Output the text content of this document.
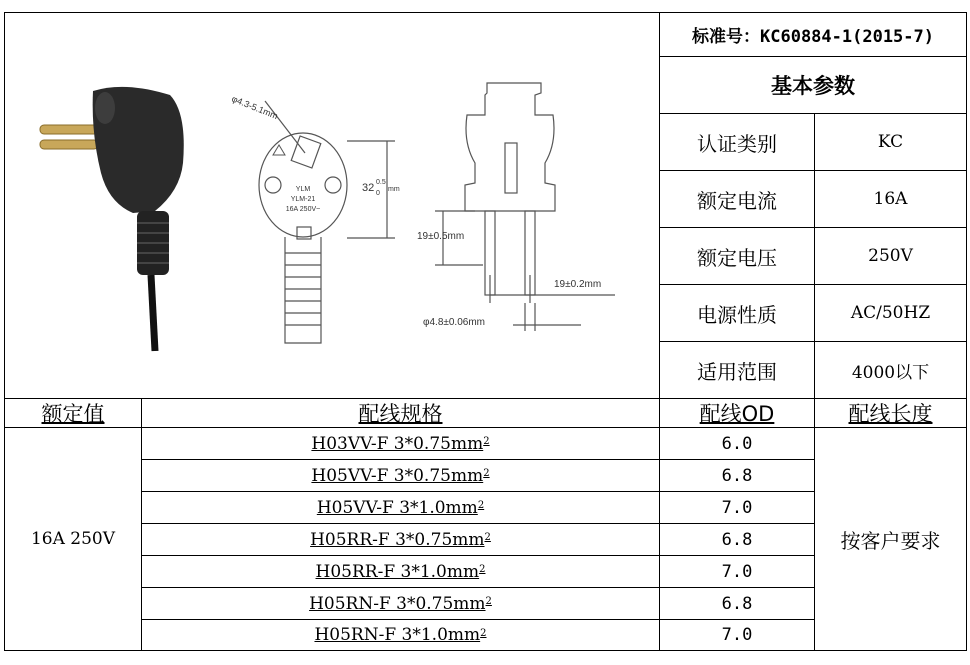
φ4.3-5.1mm
32 0.5
0
mm
YLM
YLM-21
16A 250V~
19±0.5mm
19±0.2mm
φ4.8±0.06mm
标准号：KC60884-1(2015-7)
基本参数
认证类别	KC
额定电流	16A
额定电压	250V
电源性质	AC/50HZ
适用范围	4000以下
额定值	配线规格	配线OD	配线长度
16A 250V	按客户要求
H03VV-F 3*0.75mm 2	6.0
H05VV-F 3*0.75mm 2	6.8
H05VV-F 3*1.0mm 2	7.0
H05RR-F 3*0.75mm 2	6.8
H05RR-F 3*1.0mm 2	7.0
H05RN-F 3*0.75mm 2	6.8
H05RN-F 3*1.0mm 2	7.0
